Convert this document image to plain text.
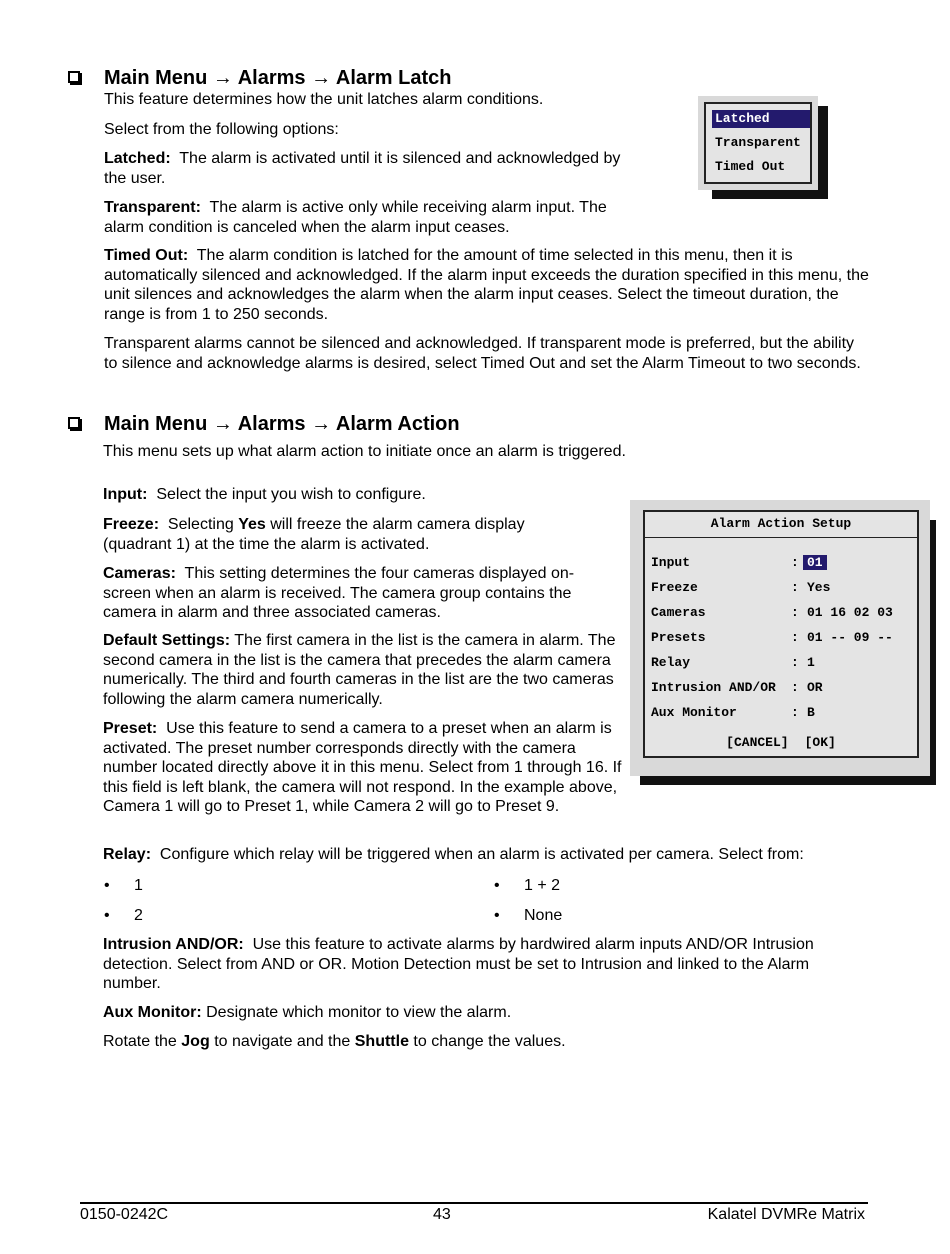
Main Menu → Alarms → Alarm Latch

This feature determines how the unit latches alarm conditions.

Select from the following options:

Latched: The alarm is activated until it is silenced and acknowledged by the user.

Transparent: The alarm is active only while receiving alarm input. The alarm condition is canceled when the alarm input ceases.

Timed Out: The alarm condition is latched for the amount of time selected in this menu, then it is automatically silenced and acknowledged. If the alarm input exceeds the duration specified in this menu, the unit silences and acknowledges the alarm when the alarm input ceases. Select the timeout duration, the range is from 1 to 250 seconds.

Transparent alarms cannot be silenced and acknowledged. If transparent mode is preferred, but the ability to silence and acknowledge alarms is desired, select Timed Out and set the Alarm Timeout to two seconds.

Latched
Transparent
Timed Out
Main Menu → Alarms → Alarm Action

This menu sets up what alarm action to initiate once an alarm is triggered.

Input: Select the input you wish to configure.

Freeze: Selecting Yes will freeze the alarm camera display (quadrant 1) at the time the alarm is activated.

Cameras: This setting determines the four cameras displayed on-screen when an alarm is received. The camera group contains the camera in alarm and three associated cameras.

Default Settings: The first camera in the list is the camera in alarm. The second camera in the list is the camera that precedes the alarm camera numerically. The third and fourth cameras in the list are the two cameras following the alarm camera numerically.

Preset: Use this feature to send a camera to a preset when an alarm is activated. The preset number corresponds directly with the camera number located directly above it in this menu. Select from 1 through 16. If this field is left blank, the camera will not respond. In the example above, Camera 1 will go to Preset 1, while Camera 2 will go to Preset 9.

Relay: Configure which relay will be triggered when an alarm is activated per camera. Select from:

• 1	• 1 + 2
• 2	• None

Intrusion AND/OR: Use this feature to activate alarms by hardwired alarm inputs AND/OR Intrusion detection. Select from AND or OR. Motion Detection must be set to Intrusion and linked to the Alarm number.

Aux Monitor: Designate which monitor to view the alarm.

Rotate the Jog to navigate and the Shuttle to change the values.

Alarm Action Setup
Input	: 01
Freeze	: Yes
Cameras	: 01 16 02 03
Presets	: 01 -- 09 --
Relay	: 1
Intrusion AND/OR : OR
Aux Monitor	: B
[CANCEL] [OK]
0150-0242C	43	Kalatel DVMRe Matrix
